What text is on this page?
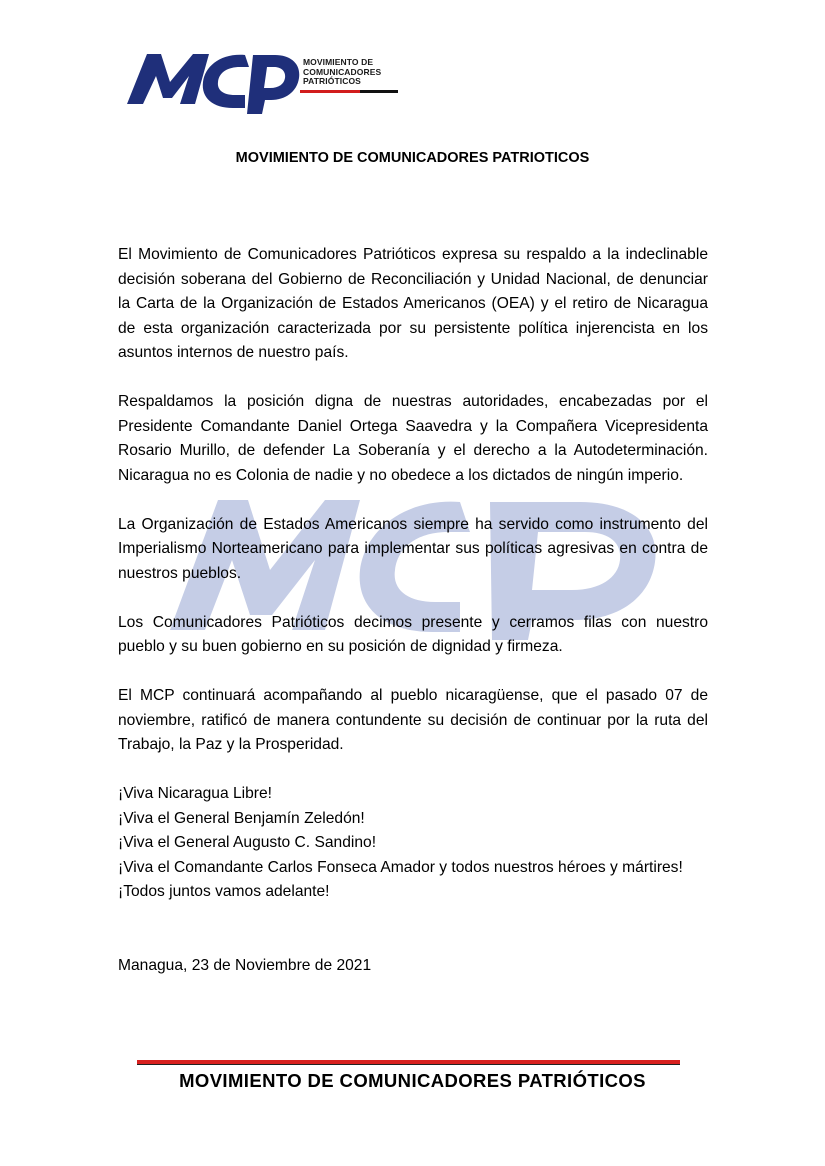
MOVIMIENTO DE
COMUNICADORES
PATRIÓTICOS
MOVIMIENTO DE COMUNICADORES PATRIOTICOS

El Movimiento de Comunicadores Patrióticos expresa su respaldo a la indeclinable decisión soberana del Gobierno de Reconciliación y Unidad Nacional, de denunciar la Carta de la Organización de Estados Americanos (OEA) y el retiro de Nicaragua de esta organización caracterizada por su persistente política injerencista en los asuntos internos de nuestro país.

Respaldamos la posición digna de nuestras autoridades, encabezadas por el Presidente Comandante Daniel Ortega Saavedra y la Compañera Vicepresidenta Rosario Murillo, de defender La Soberanía y el derecho a la Autodeterminación. Nicaragua no es Colonia de nadie y no obedece a los dictados de ningún imperio.

La Organización de Estados Americanos siempre ha servido como instrumento del Imperialismo Norteamericano para implementar sus políticas agresivas en contra de nuestros pueblos.

Los Comunicadores Patrióticos decimos presente y cerramos filas con nuestro pueblo y su buen gobierno en su posición de dignidad y firmeza.

El MCP continuará acompañando al pueblo nicaragüense, que el pasado 07 de noviembre, ratificó de manera contundente su decisión de continuar por la ruta del Trabajo, la Paz y la Prosperidad.

¡Viva Nicaragua Libre!
¡Viva el General Benjamín Zeledón!
¡Viva el General Augusto C. Sandino!
¡Viva el Comandante Carlos Fonseca Amador y todos nuestros héroes y mártires!
¡Todos juntos vamos adelante!

Managua, 23 de Noviembre de 2021

MOVIMIENTO DE COMUNICADORES PATRIÓTICOS
